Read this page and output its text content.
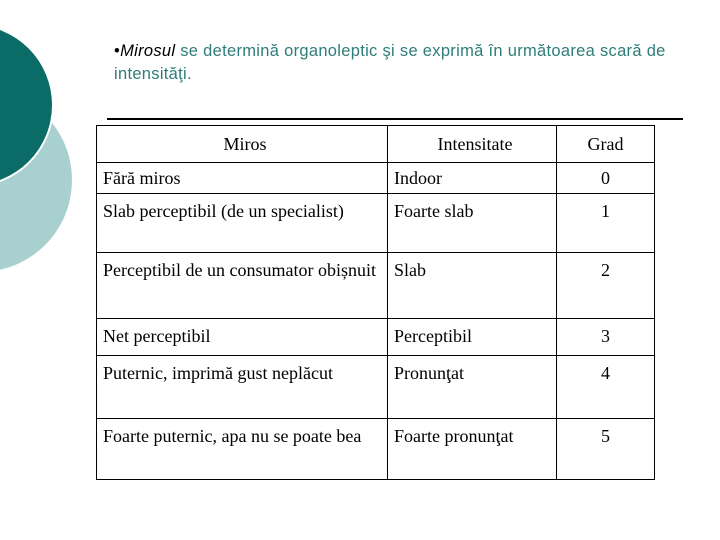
•Mirosul se determină organoleptic şi se exprimă în următoarea scară de intensităţi.
Miros	Intensitate	Grad
Fără miros	Indoor	0
Slab perceptibil (de un specialist)	Foarte slab	1
Perceptibil de un consumator obișnuit	Slab	2
Net perceptibil	Perceptibil	3
Puternic, imprimă gust neplăcut	Pronunţat	4
Foarte puternic, apa nu se poate bea	Foarte pronunţat	5
